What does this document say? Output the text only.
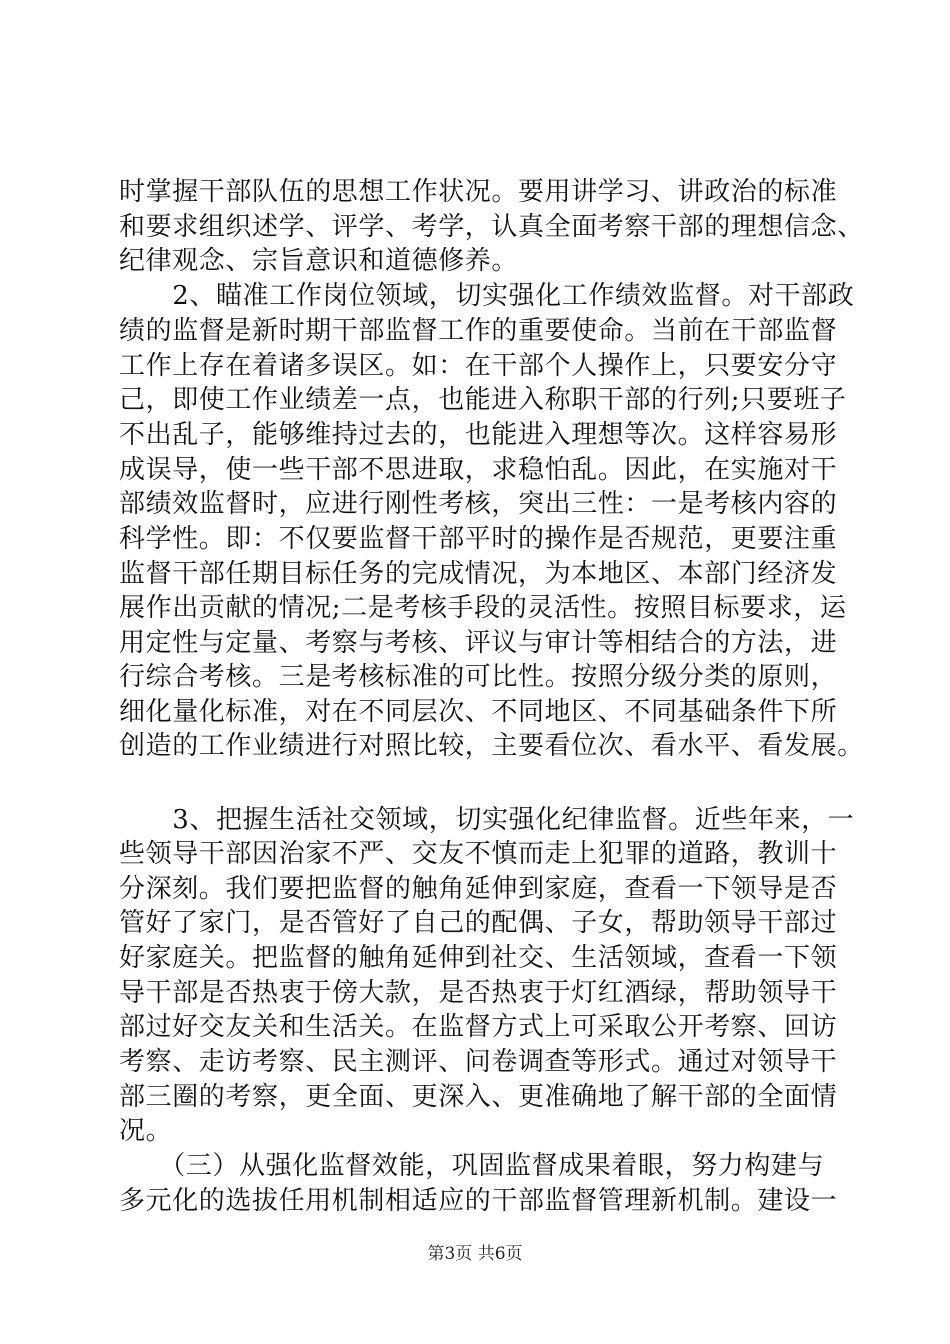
时掌握干部队伍的思想工作状况。要用讲学习、讲政治的标准
和要求组织述学、评学、考学，认真全面考察干部的理想信念、
纪律观念、宗旨意识和道德修养。
　　2、瞄准工作岗位领域，切实强化工作绩效监督。对干部政
绩的监督是新时期干部监督工作的重要使命。当前在干部监督
工作上存在着诸多误区。如：在干部个人操作上，只要安分守
己，即使工作业绩差一点，也能进入称职干部的行列;只要班子
不出乱子，能够维持过去的，也能进入理想等次。这样容易形
成误导，使一些干部不思进取，求稳怕乱。因此，在实施对干
部绩效监督时，应进行刚性考核，突出三性：一是考核内容的
科学性。即：不仅要监督干部平时的操作是否规范，更要注重
监督干部任期目标任务的完成情况，为本地区、本部门经济发
展作出贡献的情况;二是考核手段的灵活性。按照目标要求，运
用定性与定量、考察与考核、评议与审计等相结合的方法，进
行综合考核。三是考核标准的可比性。按照分级分类的原则，
细化量化标准，对在不同层次、不同地区、不同基础条件下所
创造的工作业绩进行对照比较，主要看位次、看水平、看发展。
　　3、把握生活社交领域，切实强化纪律监督。近些年来，一
些领导干部因治家不严、交友不慎而走上犯罪的道路，教训十
分深刻。我们要把监督的触角延伸到家庭，查看一下领导是否
管好了家门，是否管好了自己的配偶、子女，帮助领导干部过
好家庭关。把监督的触角延伸到社交、生活领域，查看一下领
导干部是否热衷于傍大款，是否热衷于灯红酒绿，帮助领导干
部过好交友关和生活关。在监督方式上可采取公开考察、回访
考察、走访考察、民主测评、问卷调查等形式。通过对领导干
部三圈的考察，更全面、更深入、更准确地了解干部的全面情
况。
　　（三）从强化监督效能，巩固监督成果着眼，努力构建与
多元化的选拔任用机制相适应的干部监督管理新机制。建设一
第3页 共6页
